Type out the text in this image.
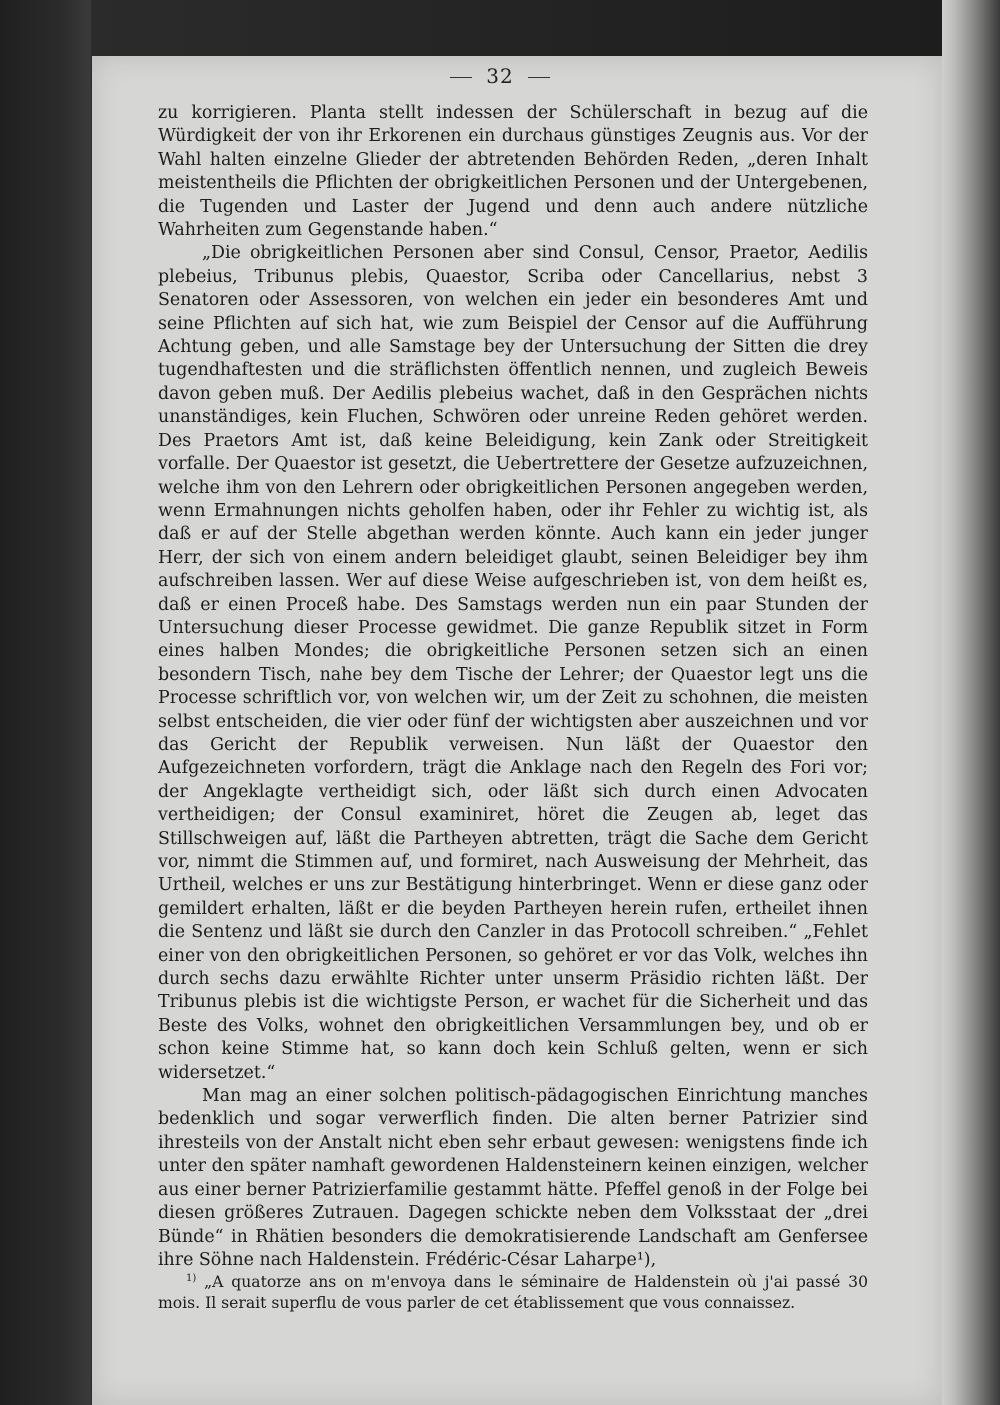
32

zu korrigieren. Planta stellt indessen der Schülerschaft in bezug auf die Würdigkeit der von ihr Erkorenen ein durchaus günstiges Zeugnis aus. Vor der Wahl halten einzelne Glieder der abtretenden Behörden Reden, „deren Inhalt meistentheils die Pflichten der obrigkeitlichen Personen und der Untergebenen, die Tugenden und Laster der Jugend und denn auch andere nützliche Wahrheiten zum Gegenstande haben.“

„Die obrigkeitlichen Personen aber sind Consul, Censor, Praetor, Aedilis plebeius, Tribunus plebis, Quaestor, Scriba oder Cancellarius, nebst 3 Senatoren oder Assessoren, von welchen ein jeder ein besonderes Amt und seine Pflichten auf sich hat, wie zum Beispiel der Censor auf die Aufführung Achtung geben, und alle Samstage bey der Untersuchung der Sitten die drey tugendhaftesten und die sträflichsten öffentlich nennen, und zugleich Beweis davon geben muß. Der Aedilis plebeius wachet, daß in den Gesprächen nichts unanständiges, kein Fluchen, Schwören oder unreine Reden gehöret werden. Des Praetors Amt ist, daß keine Beleidigung, kein Zank oder Streitigkeit vorfalle. Der Quaestor ist gesetzt, die Uebertrettere der Gesetze aufzuzeichnen, welche ihm von den Lehrern oder obrigkeitlichen Personen angegeben werden, wenn Ermahnungen nichts geholfen haben, oder ihr Fehler zu wichtig ist, als daß er auf der Stelle abgethan werden könnte. Auch kann ein jeder junger Herr, der sich von einem andern beleidiget glaubt, seinen Beleidiger bey ihm aufschreiben lassen. Wer auf diese Weise aufgeschrieben ist, von dem heißt es, daß er einen Proceß habe. Des Samstags werden nun ein paar Stunden der Untersuchung dieser Processe gewidmet. Die ganze Republik sitzet in Form eines halben Mondes; die obrigkeitliche Personen setzen sich an einen besondern Tisch, nahe bey dem Tische der Lehrer; der Quaestor legt uns die Processe schriftlich vor, von welchen wir, um der Zeit zu schohnen, die meisten selbst entscheiden, die vier oder fünf der wichtigsten aber auszeichnen und vor das Gericht der Republik verweisen. Nun läßt der Quaestor den Aufgezeichneten vorfordern, trägt die Anklage nach den Regeln des Fori vor; der Angeklagte vertheidigt sich, oder läßt sich durch einen Advocaten vertheidigen; der Consul examiniret, höret die Zeugen ab, leget das Stillschweigen auf, läßt die Partheyen abtretten, trägt die Sache dem Gericht vor, nimmt die Stimmen auf, und formiret, nach Ausweisung der Mehrheit, das Urtheil, welches er uns zur Bestätigung hinterbringet. Wenn er diese ganz oder gemildert erhalten, läßt er die beyden Partheyen herein rufen, ertheilet ihnen die Sentenz und läßt sie durch den Canzler in das Protocoll schreiben.“ „Fehlet einer von den obrigkeitlichen Personen, so gehöret er vor das Volk, welches ihn durch sechs dazu erwählte Richter unter unserm Präsidio richten läßt. Der Tribunus plebis ist die wichtigste Person, er wachet für die Sicherheit und das Beste des Volks, wohnet den obrigkeitlichen Versammlungen bey, und ob er schon keine Stimme hat, so kann doch kein Schluß gelten, wenn er sich widersetzet.“

Man mag an einer solchen politisch-pädagogischen Einrichtung manches bedenklich und sogar verwerflich finden. Die alten berner Patrizier sind ihresteils von der Anstalt nicht eben sehr erbaut gewesen: wenigstens finde ich unter den später namhaft gewordenen Haldensteinern keinen einzigen, welcher aus einer berner Patrizierfamilie gestammt hätte. Pfeffel genoß in der Folge bei diesen größeres Zutrauen. Dagegen schickte neben dem Volksstaat der „drei Bünde“ in Rhätien besonders die demokratisierende Landschaft am Genfersee ihre Söhne nach Haldenstein. Frédéric-César Laharpe¹),

$^{1)}$ „A quatorze ans on m'envoya dans le séminaire de Haldenstein où j'ai passé 30 mois. Il serait superflu de vous parler de cet établissement que vous connaissez.
